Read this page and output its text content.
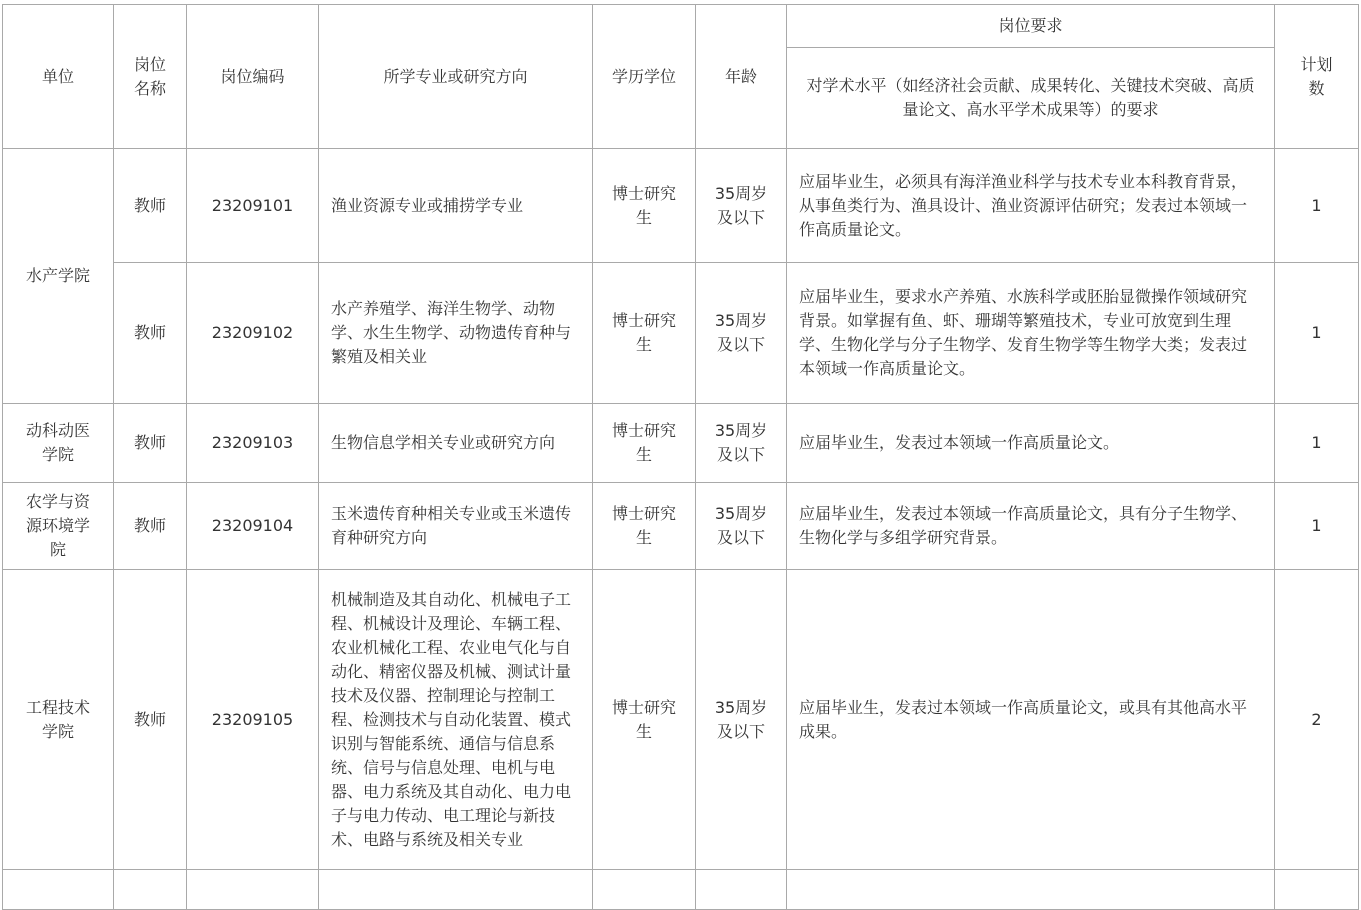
单位	岗位名称	岗位编码	所学专业或研究方向	学历学位	年龄	岗位要求	计划数
						对学术水平（如经济社会贡献、成果转化、关键技术突破、高质量论文、高水平学术成果等）的要求	
水产学院	教师	23209101	渔业资源专业或捕捞学专业	博士研究生	35周岁及以下	应届毕业生，必须具有海洋渔业科学与技术专业本科教育背景，从事鱼类行为、渔具设计、渔业资源评估研究；发表过本领域一作高质量论文。	1
	教师	23209102	水产养殖学、海洋生物学、动物学、水生生物学、动物遗传育种与繁殖及相关业	博士研究生	35周岁及以下	应届毕业生，要求水产养殖、水族科学或胚胎显微操作领域研究背景。如掌握有鱼、虾、珊瑚等繁殖技术，专业可放宽到生理学、生物化学与分子生物学、发育生物学等生物学大类；发表过本领域一作高质量论文。	1
动科动医学院	教师	23209103	生物信息学相关专业或研究方向	博士研究生	35周岁及以下	应届毕业生，发表过本领域一作高质量论文。	1
农学与资源环境学院	教师	23209104	玉米遗传育种相关专业或玉米遗传育种研究方向	博士研究生	35周岁及以下	应届毕业生，发表过本领域一作高质量论文，具有分子生物学、生物化学与多组学研究背景。	1
工程技术学院	教师	23209105	机械制造及其自动化、机械电子工程、机械设计及理论、车辆工程、农业机械化工程、农业电气化与自动化、精密仪器及机械、测试计量技术及仪器、控制理论与控制工程、检测技术与自动化装置、模式识别与智能系统、通信与信息系统、信号与信息处理、电机与电器、电力系统及其自动化、电力电子与电力传动、电工理论与新技术、电路与系统及相关专业	博士研究生	35周岁及以下	应届毕业生，发表过本领域一作高质量论文，或具有其他高水平成果。	2
